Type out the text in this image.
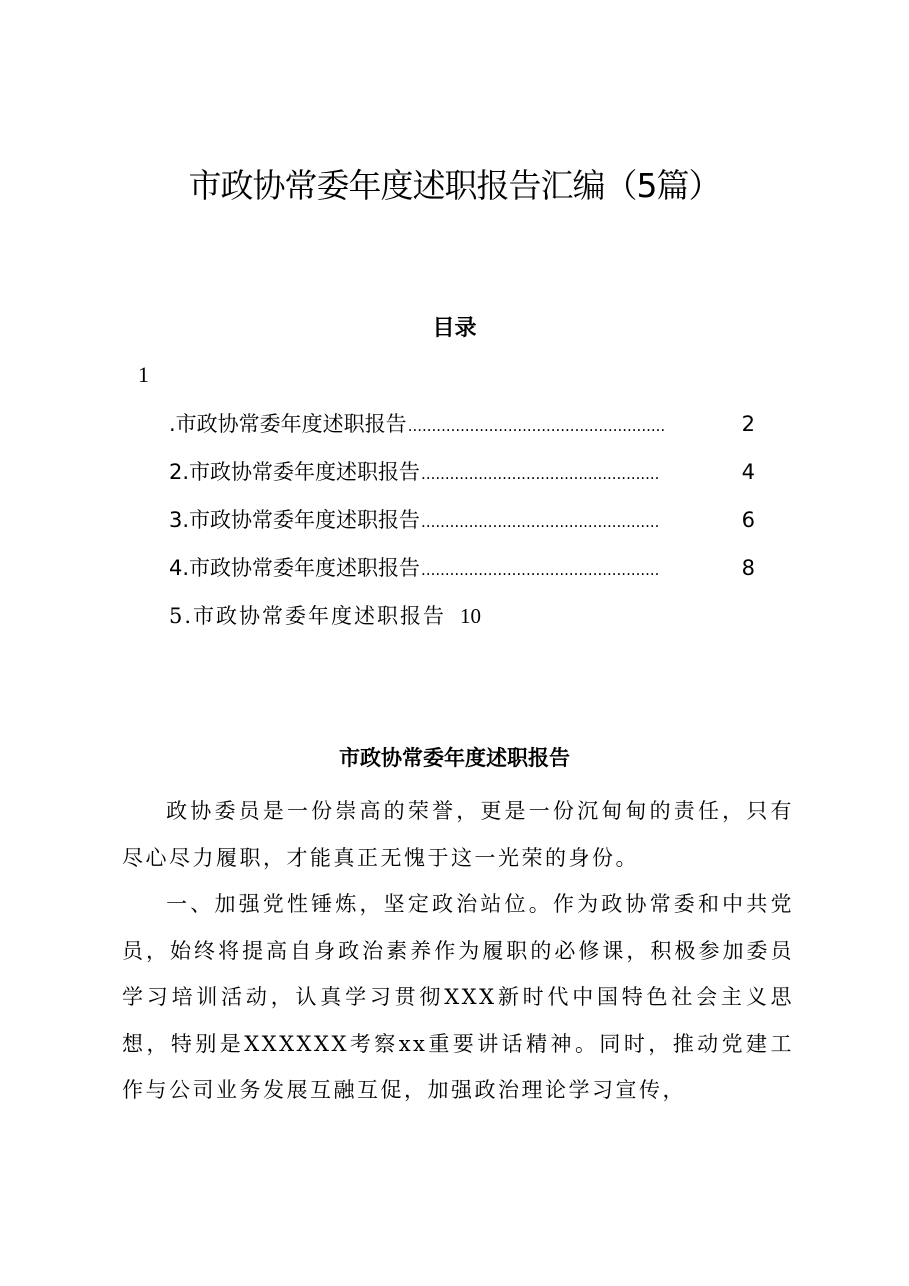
市政协常委年度述职报告汇编（5篇）
目录
1
.市政协常委年度述职报告 ......................................................	2
2.市政协常委年度述职报告 ..................................................	4
3.市政协常委年度述职报告 ..................................................	6
4.市政协常委年度述职报告 ..................................................	8
5.市政协常委年度述职报告 10
市政协常委年度述职报告

政协委员是一份崇高的荣誉，更是一份沉甸甸的责任，只有尽心尽力履职，才能真正无愧于这一光荣的身份。

一、加强党性锤炼，坚定政治站位。作为政协常委和中共党员，始终将提高自身政治素养作为履职的必修课，积极参加委员学习培训活动，认真学习贯彻XXX新时代中国特色社会主义思想，特别是XXXXXX考察xx重要讲话精神。同时，推动党建工作与公司业务发展互融互促，加强政治理论学习宣传，
